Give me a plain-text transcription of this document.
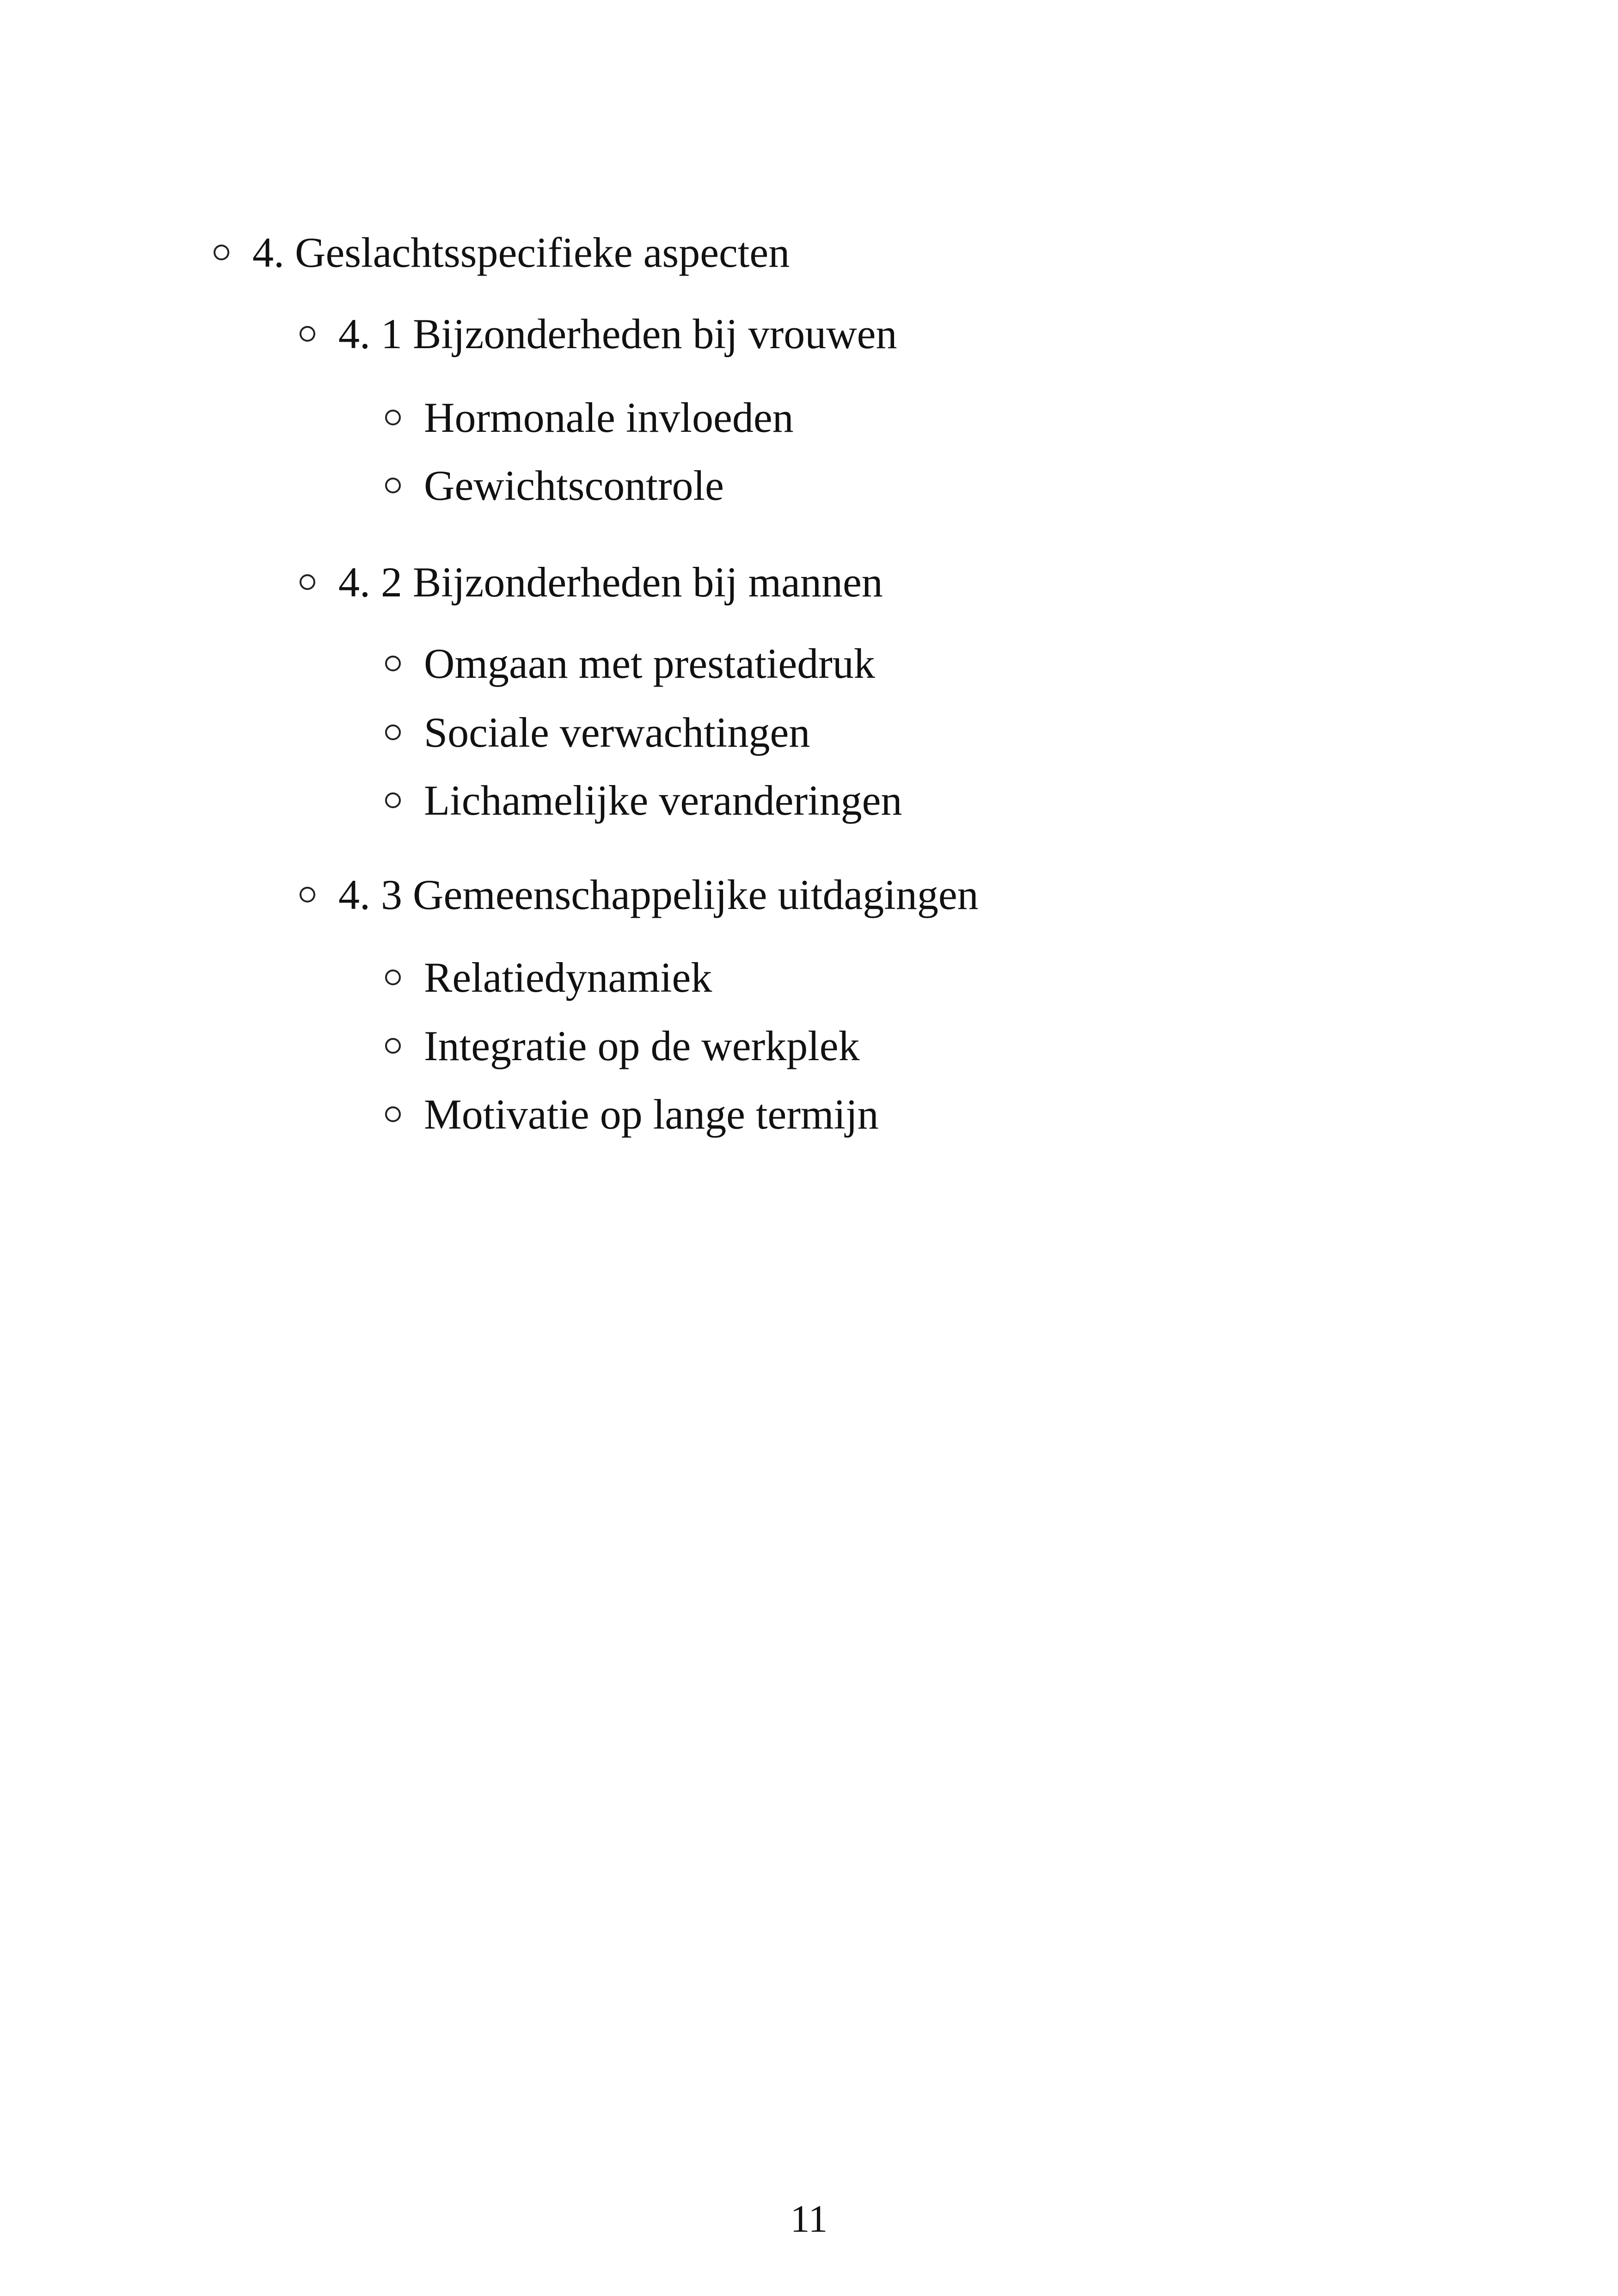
4. Geslachtsspecifieke aspecten
4. 1 Bijzonderheden bij vrouwen
Hormonale invloeden
Gewichtscontrole
4. 2 Bijzonderheden bij mannen
Omgaan met prestatiedruk
Sociale verwachtingen
Lichamelijke veranderingen
4. 3 Gemeenschappelijke uitdagingen
Relatiedynamiek
Integratie op de werkplek
Motivatie op lange termijn
11
